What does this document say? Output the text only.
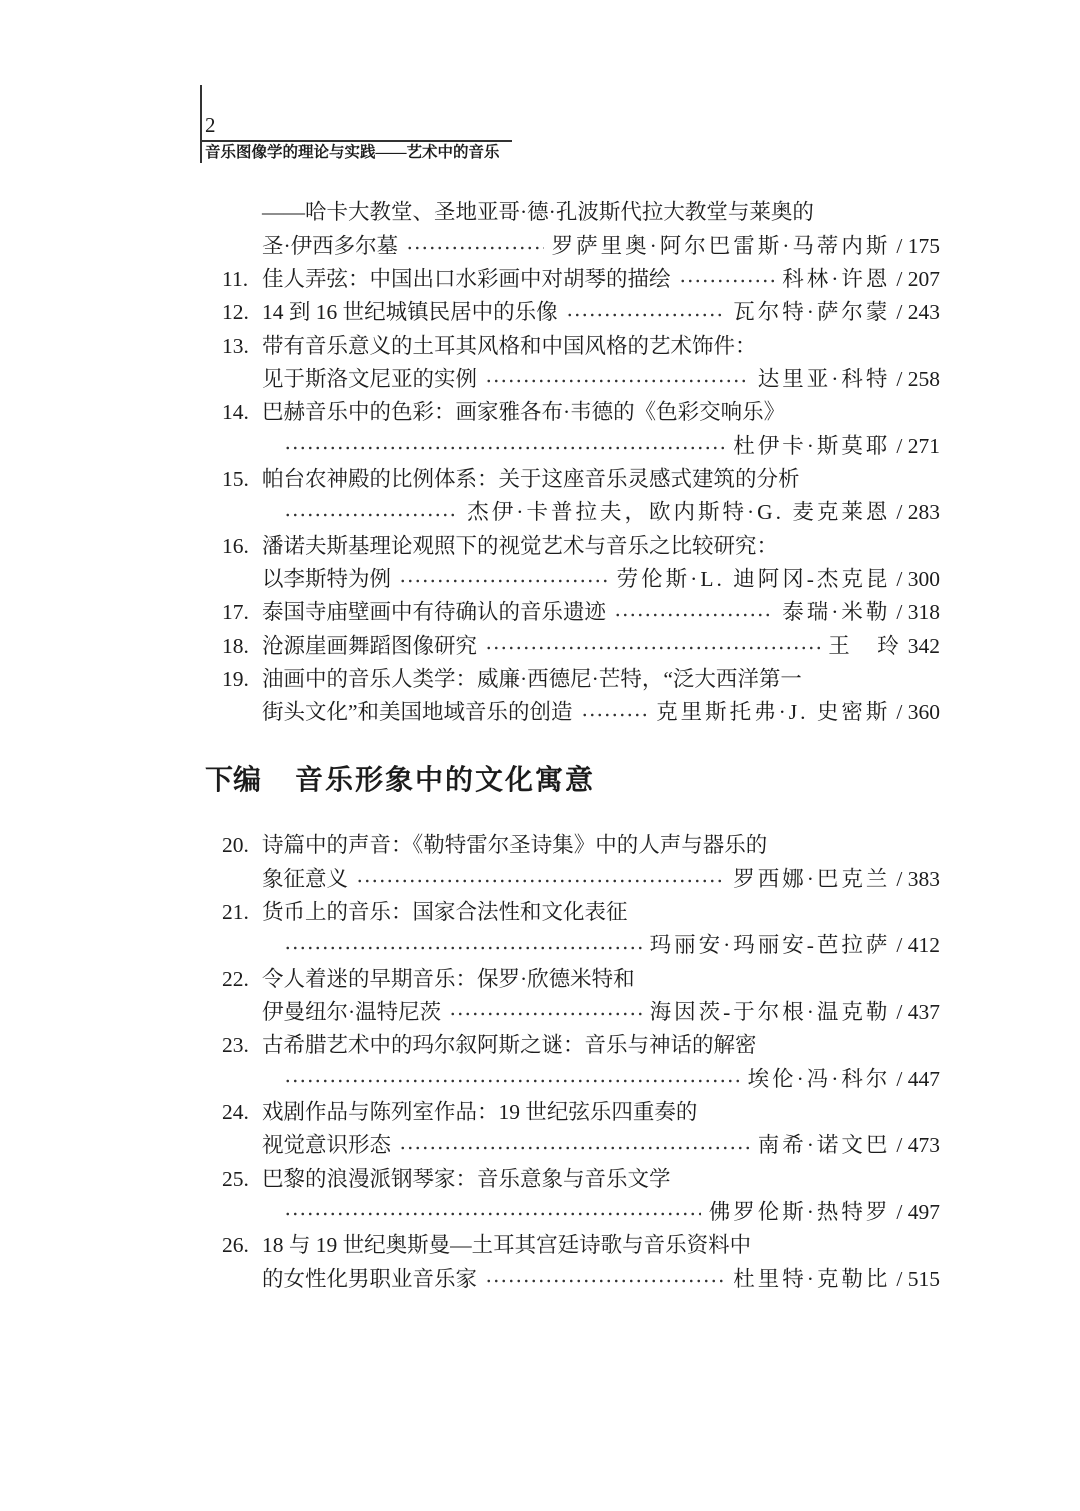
2
音乐图像学的理论与实践——艺术中的音乐
——哈卡大教堂、圣地亚哥·德·孔波斯代拉大教堂与莱奥的
圣·伊西多尔墓	罗萨里奥·阿尔巴雷斯·马蒂内斯 / 175
11. 佳人弄弦：中国出口水彩画中对胡琴的描绘	科林·许恩 / 207
12. 14 到 16 世纪城镇民居中的乐像	瓦尔特·萨尔蒙 / 243
13. 带有音乐意义的土耳其风格和中国风格的艺术饰件：
见于斯洛文尼亚的实例	达里亚·科特 / 258
14. 巴赫音乐中的色彩：画家雅各布·韦德的《色彩交响乐》
杜伊卡·斯莫耶 / 271
15. 帕台农神殿的比例体系：关于这座音乐灵感式建筑的分析
杰伊·卡普拉夫，欧内斯特·G. 麦克莱恩 / 283
16. 潘诺夫斯基理论观照下的视觉艺术与音乐之比较研究：
以李斯特为例	劳伦斯·L. 迪阿冈-杰克昆 / 300
17. 泰国寺庙壁画中有待确认的音乐遗迹	泰瑞·米勒 / 318
18. 沧源崖画舞蹈图像研究	王　玲 342
19. 油画中的音乐人类学：威廉·西德尼·芒特，“泛大西洋第一
街头文化”和美国地域音乐的创造	克里斯托弗·J. 史密斯 / 360
下编 音乐形象中的文化寓意
20. 诗篇中的声音：《勒特雷尔圣诗集》中的人声与器乐的
象征意义	罗西娜·巴克兰 / 383
21. 货币上的音乐：国家合法性和文化表征
玛丽安·玛丽安-芭拉萨 / 412
22. 令人着迷的早期音乐：保罗·欣德米特和
伊曼纽尔·温特尼茨	海因茨-于尔根·温克勒 / 437
23. 古希腊艺术中的玛尔叙阿斯之谜：音乐与神话的解密
埃伦·冯·科尔 / 447
24. 戏剧作品与陈列室作品：19 世纪弦乐四重奏的
视觉意识形态	南希·诺文巴 / 473
25. 巴黎的浪漫派钢琴家：音乐意象与音乐文学
佛罗伦斯·热特罗 / 497
26. 18 与 19 世纪奥斯曼—土耳其宫廷诗歌与音乐资料中
的女性化男职业音乐家	杜里特·克勒比 / 515
